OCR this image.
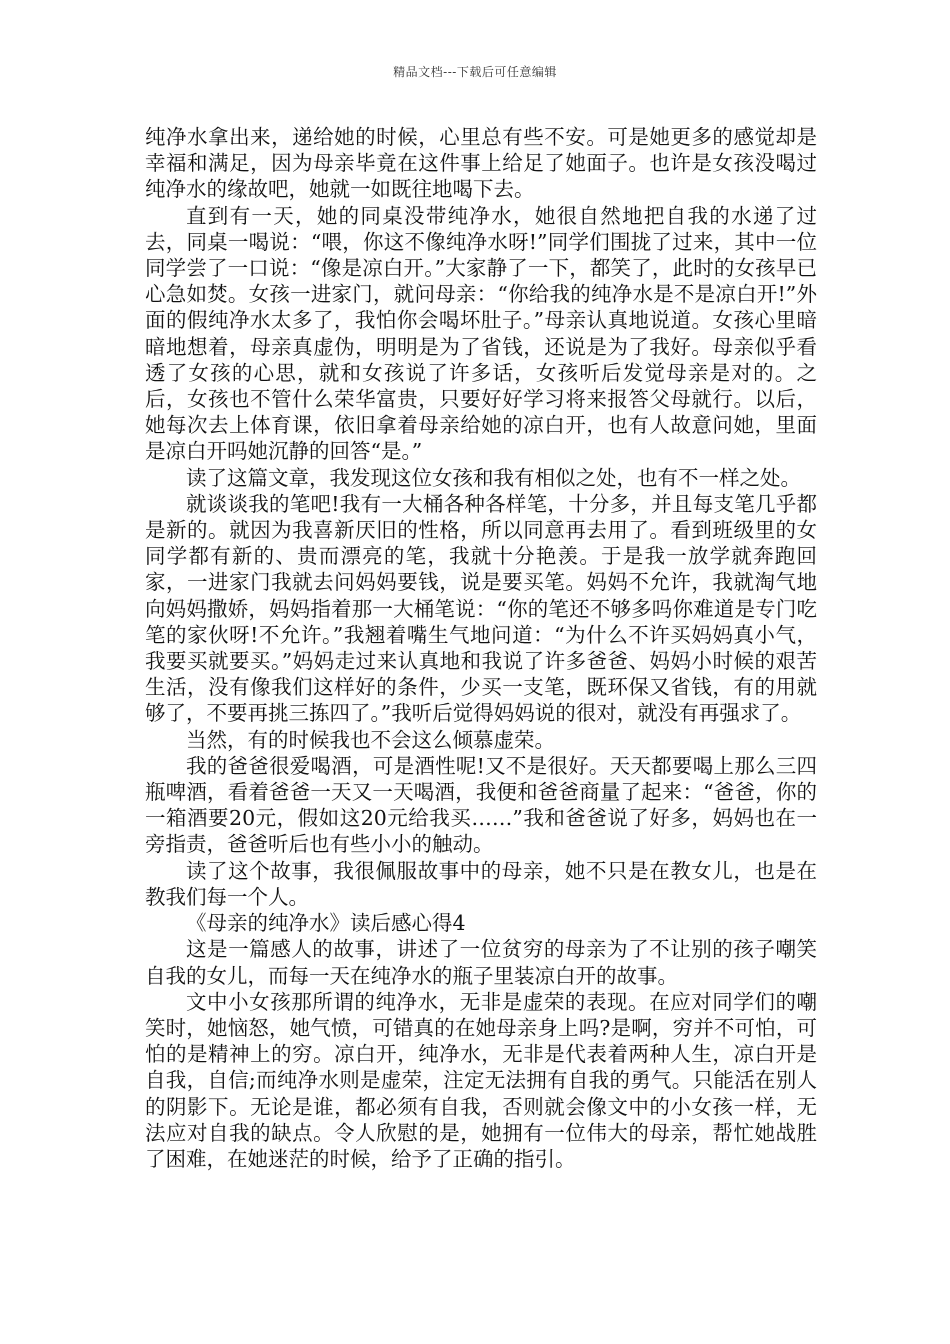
精品文档---下载后可任意编辑

纯净水拿出来，递给她的时候，心里总有些不安。可是她更多的感觉却是幸福和满足，因为母亲毕竟在这件事上给足了她面子。也许是女孩没喝过纯净水的缘故吧，她就一如既往地喝下去。

直到有一天，她的同桌没带纯净水，她很自然地把自我的水递了过去，同桌一喝说：“喂，你这不像纯净水呀!”同学们围拢了过来，其中一位同学尝了一口说：“像是凉白开。”大家静了一下，都笑了，此时的女孩早已心急如焚。女孩一进家门，就问母亲：“你给我的纯净水是不是凉白开!”外面的假纯净水太多了，我怕你会喝坏肚子。”母亲认真地说道。女孩心里暗暗地想着，母亲真虚伪，明明是为了省钱，还说是为了我好。母亲似乎看透了女孩的心思，就和女孩说了许多话，女孩听后发觉母亲是对的。之后，女孩也不管什么荣华富贵，只要好好学习将来报答父母就行。以后，她每次去上体育课，依旧拿着母亲给她的凉白开，也有人故意问她，里面是凉白开吗她沉静的回答“是。”

读了这篇文章，我发现这位女孩和我有相似之处，也有不一样之处。

就谈谈我的笔吧!我有一大桶各种各样笔，十分多，并且每支笔几乎都是新的。就因为我喜新厌旧的性格，所以同意再去用了。看到班级里的女同学都有新的、贵而漂亮的笔，我就十分艳羡。于是我一放学就奔跑回家，一进家门我就去问妈妈要钱，说是要买笔。妈妈不允许，我就淘气地向妈妈撒娇，妈妈指着那一大桶笔说：“你的笔还不够多吗你难道是专门吃笔的家伙呀!不允许。”我翘着嘴生气地问道：“为什么不许买妈妈真小气，我要买就要买。”妈妈走过来认真地和我说了许多爸爸、妈妈小时候的艰苦生活，没有像我们这样好的条件，少买一支笔，既环保又省钱，有的用就够了，不要再挑三拣四了。”我听后觉得妈妈说的很对，就没有再强求了。

当然，有的时候我也不会这么倾慕虚荣。

我的爸爸很爱喝酒，可是酒性呢!又不是很好。天天都要喝上那么三四瓶啤酒，看着爸爸一天又一天喝酒，我便和爸爸商量了起来：“爸爸，你的一箱酒要20元，假如这20元给我买……”我和爸爸说了好多，妈妈也在一旁指责，爸爸听后也有些小小的触动。

读了这个故事，我很佩服故事中的母亲，她不只是在教女儿，也是在教我们每一个人。

《母亲的纯净水》读后感心得4

这是一篇感人的故事，讲述了一位贫穷的母亲为了不让别的孩子嘲笑自我的女儿，而每一天在纯净水的瓶子里装凉白开的故事。

文中小女孩那所谓的纯净水，无非是虚荣的表现。在应对同学们的嘲笑时，她恼怒，她气愤，可错真的在她母亲身上吗?是啊，穷并不可怕，可怕的是精神上的穷。凉白开，纯净水，无非是代表着两种人生，凉白开是自我，自信;而纯净水则是虚荣，注定无法拥有自我的勇气。只能活在别人的阴影下。无论是谁，都必须有自我，否则就会像文中的小女孩一样，无法应对自我的缺点。令人欣慰的是，她拥有一位伟大的母亲，帮忙她战胜了困难，在她迷茫的时候，给予了正确的指引。
